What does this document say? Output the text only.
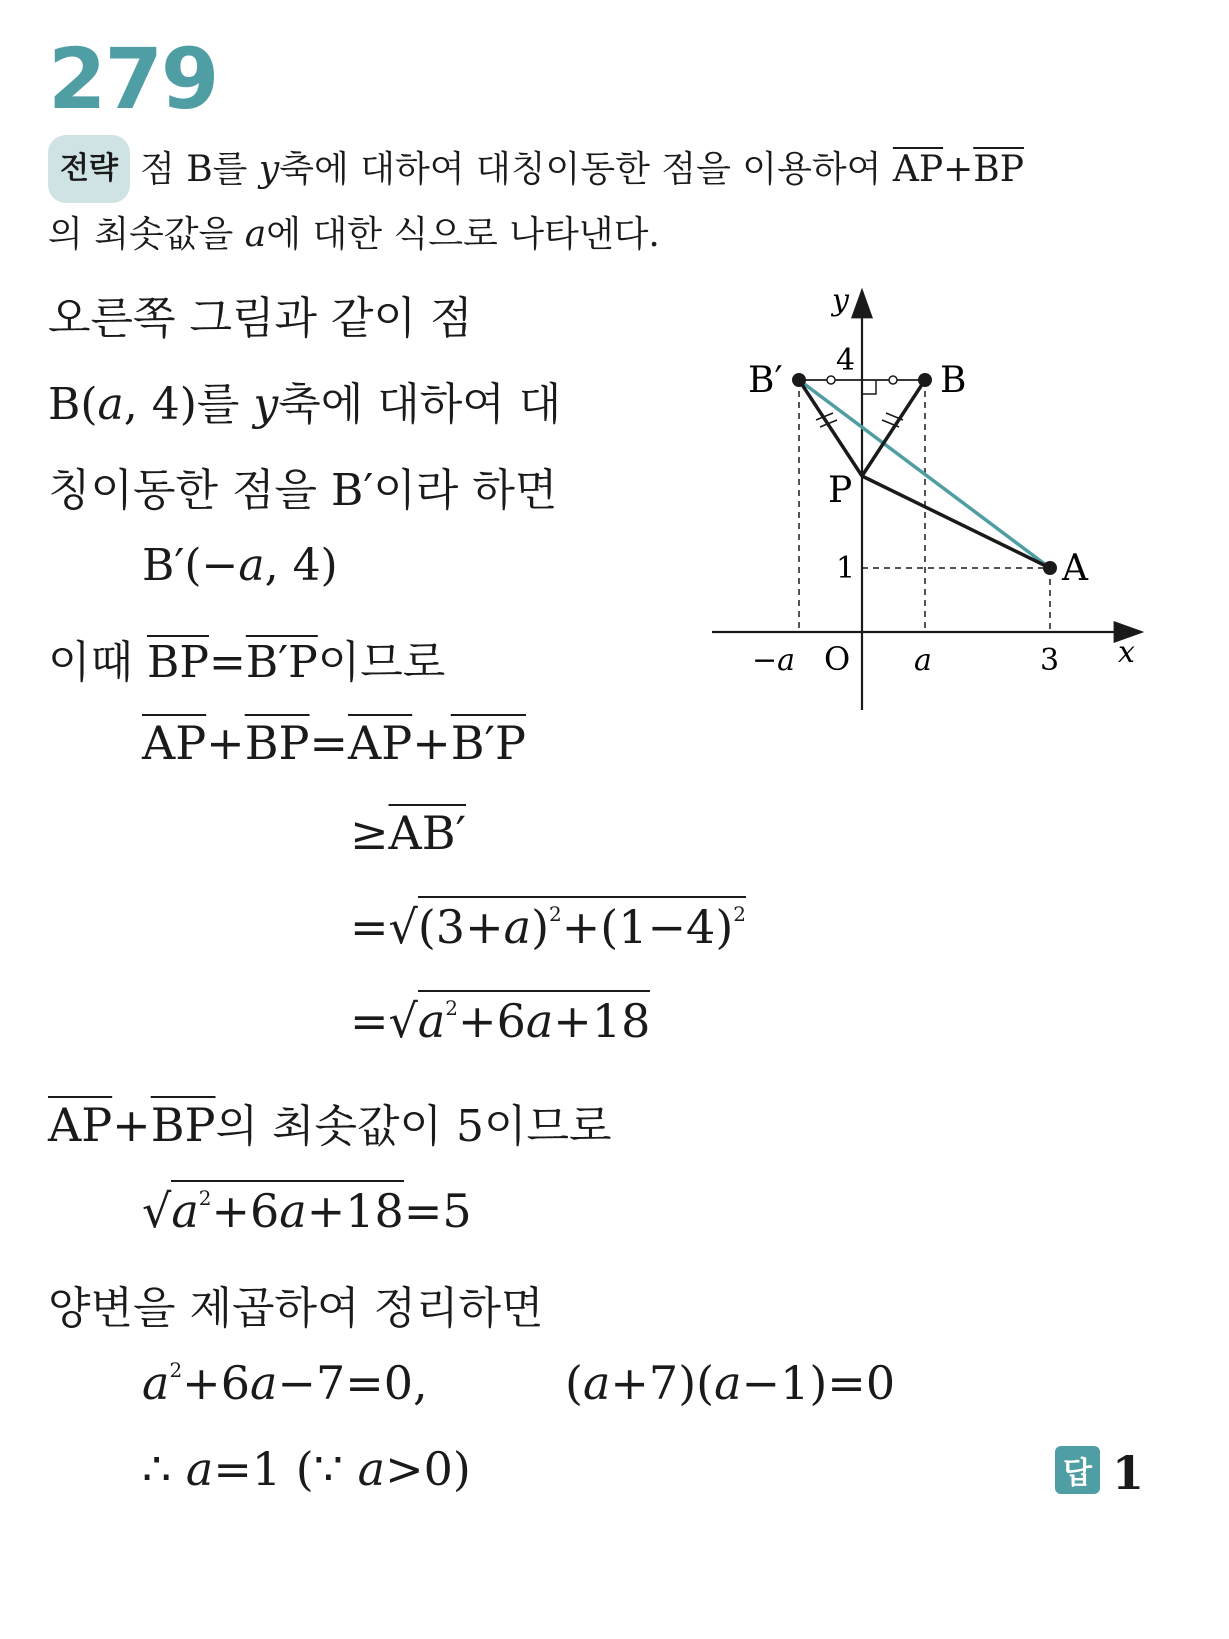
279
전략 점 B를 y축에 대하여 대칭이동한 점을 이용하여 $\overline{AP}+\overline{BP}$
의 최솟값을 a에 대한 식으로 나타낸다.
오른쪽 그림과 같이 점
B(a, 4)를 y축에 대하여 대
칭이동한 점을 B′이라 하면
B′(−a, 4)
이때 $\overline{BP}=B'P$이므로
$\overline{AP}+\overline{BP}=\overline{AP}+B'P$
≥AB′
$=√(3+a)^2+(1-4)^2$
$=√a^2+6a+18$
$\overline{AP}+\overline{BP}$의 최솟값이 5이므로
$√a^2+6a+18=5$
양변을 제곱하여 정리하면
$a^2+6a-7=0$,	(a+7)(a−1)=0
∴ a=1 (∵ a>0)	답 1
y
x
O
B′	B
P
A
4
1
−a	a	3
